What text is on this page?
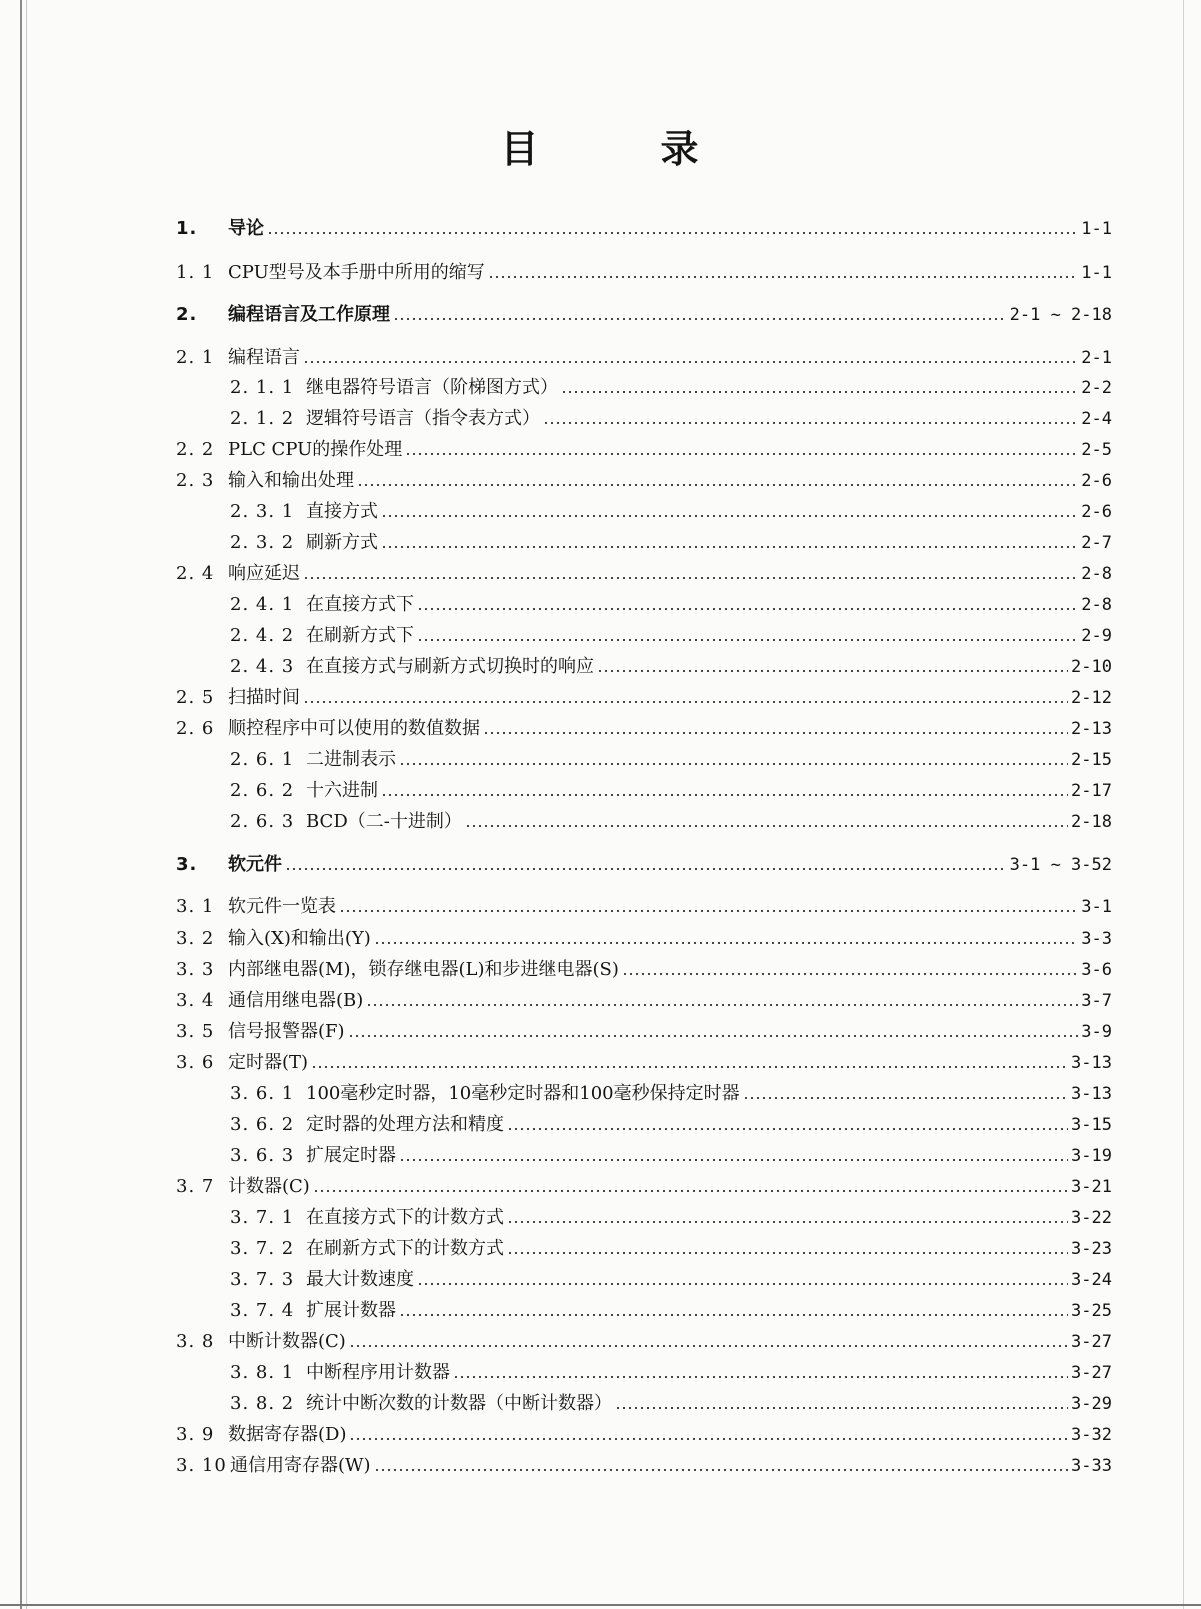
目	录
1.	导论	1-1
1. 1 CPU型号及本手册中所用的缩写	1-1
2.	编程语言及工作原理	2-1 ~ 2-18
2. 1 编程语言	2-1
2. 1. 1 继电器符号语言（阶梯图方式）	2-2
2. 1. 2 逻辑符号语言（指令表方式）	2-4
2. 2 PLC CPU的操作处理	2-5
2. 3 输入和输出处理	2-6
2. 3. 1 直接方式	2-6
2. 3. 2 刷新方式	2-7
2. 4 响应延迟	2-8
2. 4. 1 在直接方式下	2-8
2. 4. 2 在刷新方式下	2-9
2. 4. 3 在直接方式与刷新方式切换时的响应	2-10
2. 5 扫描时间	2-12
2. 6 顺控程序中可以使用的数值数据	2-13
2. 6. 1 二进制表示	2-15
2. 6. 2 十六进制	2-17
2. 6. 3 BCD（二-十进制）	2-18
3.	软元件	3-1 ~ 3-52
3. 1 软元件一览表	3-1
3. 2 输入(X)和输出(Y)	3-3
3. 3 内部继电器(M)，锁存继电器(L)和步进继电器(S)	3-6
3. 4 通信用继电器(B)	3-7
3. 5 信号报警器(F)	3-9
3. 6 定时器(T)	3-13
3. 6. 1 100毫秒定时器，10毫秒定时器和100毫秒保持定时器	3-13
3. 6. 2 定时器的处理方法和精度	3-15
3. 6. 3 扩展定时器	3-19
3. 7 计数器(C)	3-21
3. 7. 1 在直接方式下的计数方式	3-22
3. 7. 2 在刷新方式下的计数方式	3-23
3. 7. 3 最大计数速度	3-24
3. 7. 4 扩展计数器	3-25
3. 8 中断计数器(C)	3-27
3. 8. 1 中断程序用计数器	3-27
3. 8. 2 统计中断次数的计数器（中断计数器）	3-29
3. 9 数据寄存器(D)	3-32
3. 10 通信用寄存器(W)	3-33
